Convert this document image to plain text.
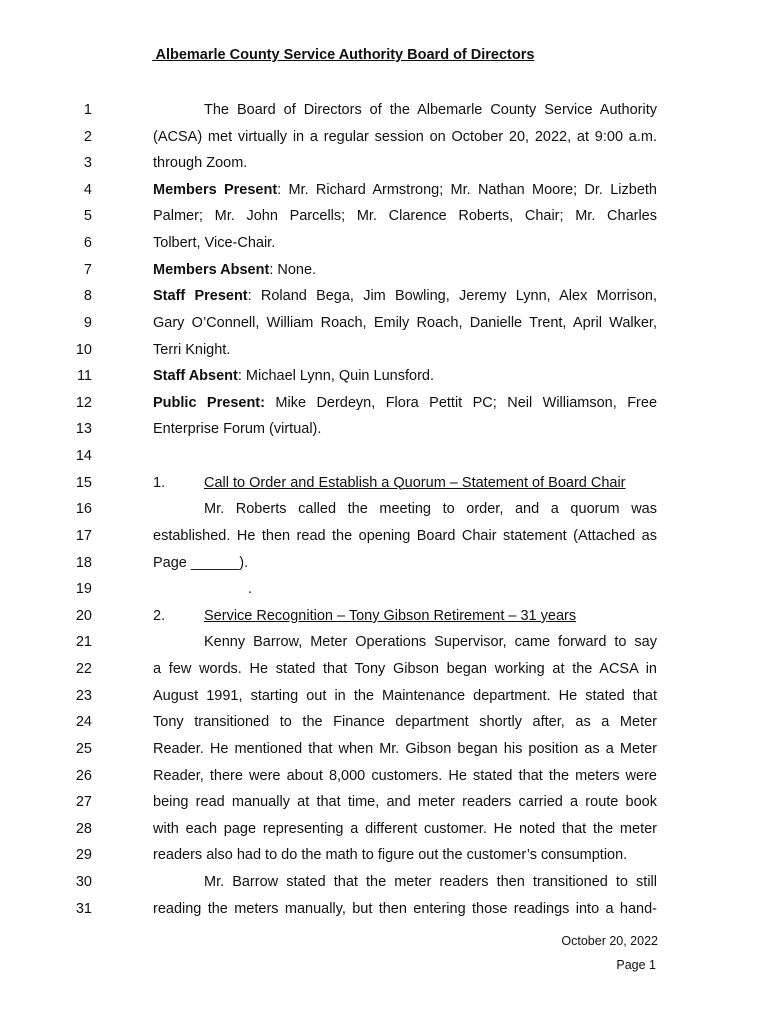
Albemarle County Service Authority Board of Directors
1	The Board of Directors of the Albemarle County Service Authority
2	(ACSA) met virtually in a regular session on October 20, 2022, at 9:00 a.m.
3	through Zoom.
4	Members Present: Mr. Richard Armstrong; Mr. Nathan Moore; Dr. Lizbeth
5	Palmer; Mr. John Parcells; Mr. Clarence Roberts, Chair; Mr. Charles
6	Tolbert, Vice-Chair.
7	Members Absent: None.
8	Staff Present: Roland Bega, Jim Bowling, Jeremy Lynn, Alex Morrison,
9	Gary O’Connell, William Roach, Emily Roach, Danielle Trent, April Walker,
10	Terri Knight.
11	Staff Absent: Michael Lynn, Quin Lunsford.
12	Public Present: Mike Derdeyn, Flora Pettit PC; Neil Williamson, Free
13	Enterprise Forum (virtual).
14
15	1.	Call to Order and Establish a Quorum – Statement of Board Chair
16	Mr. Roberts called the meeting to order, and a quorum was
17	established. He then read the opening Board Chair statement (Attached as
18	Page ______).
19	.
20	2.	Service Recognition – Tony Gibson Retirement – 31 years
21	Kenny Barrow, Meter Operations Supervisor, came forward to say
22	a few words. He stated that Tony Gibson began working at the ACSA in
23	August 1991, starting out in the Maintenance department. He stated that
24	Tony transitioned to the Finance department shortly after, as a Meter
25	Reader. He mentioned that when Mr. Gibson began his position as a Meter
26	Reader, there were about 8,000 customers. He stated that the meters were
27	being read manually at that time, and meter readers carried a route book
28	with each page representing a different customer. He noted that the meter
29	readers also had to do the math to figure out the customer’s consumption.
30	Mr. Barrow stated that the meter readers then transitioned to still
31	reading the meters manually, but then entering those readings into a hand-
October 20, 2022
Page 1
